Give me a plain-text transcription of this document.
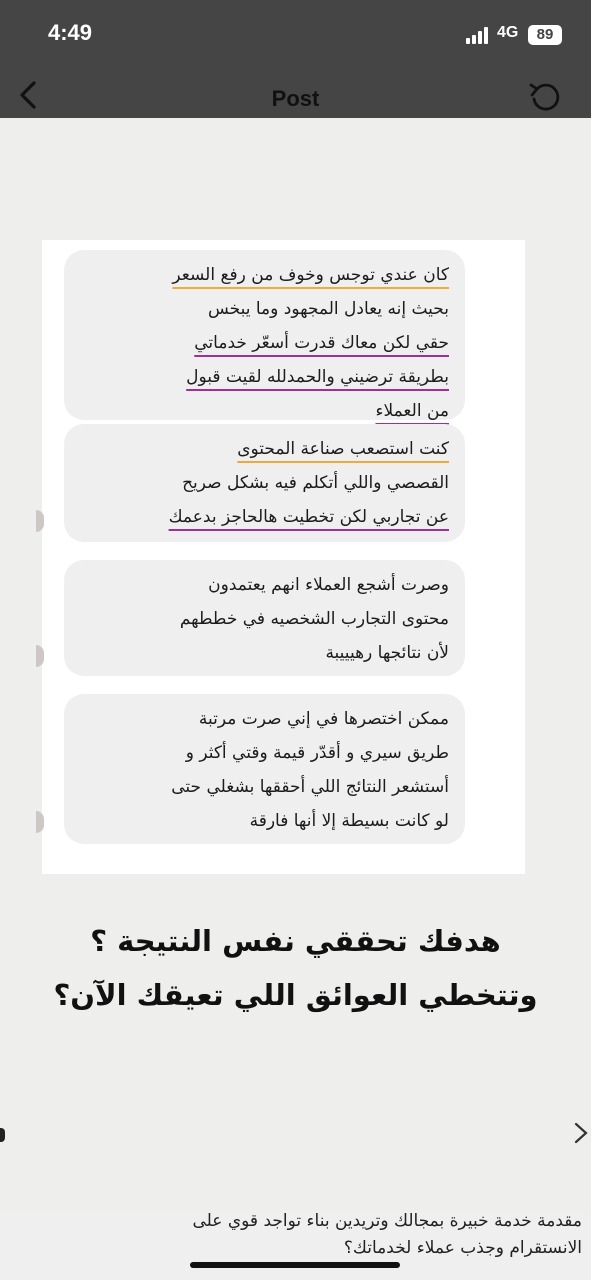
4:49	4G	89
Post
كان عندي توجس وخوف من رفع السعر
بحيث إنه يعادل المجهود وما يبخس
حقي لكن معاك قدرت أسعّر خدماتي
بطريقة ترضيني والحمدلله لقيت قبول
من العملاء
كنت استصعب صناعة المحتوى
القصصي واللي أتكلم فيه بشكل صريح
عن تجاربي لكن تخطيت هالحاجز بدعمك
وصرت أشجع العملاء انهم يعتمدون
محتوى التجارب الشخصيه في خططهم
لأن نتائجها رهيييبة
ممكن اختصرها في إني صرت مرتبة
طريق سيري و أقدّر قيمة وقتي أكثر و
أستشعر النتائج اللي أحققها بشغلي حتى
لو كانت بسيطة إلا أنها فارقة
هدفك تحققي نفس النتيجة ؟
وتتخطي العوائق اللي تعيقك الآن؟
مقدمة خدمة خبيرة بمجالك وتريدين بناء تواجد قوي على
الانستقرام وجذب عملاء لخدماتك؟
